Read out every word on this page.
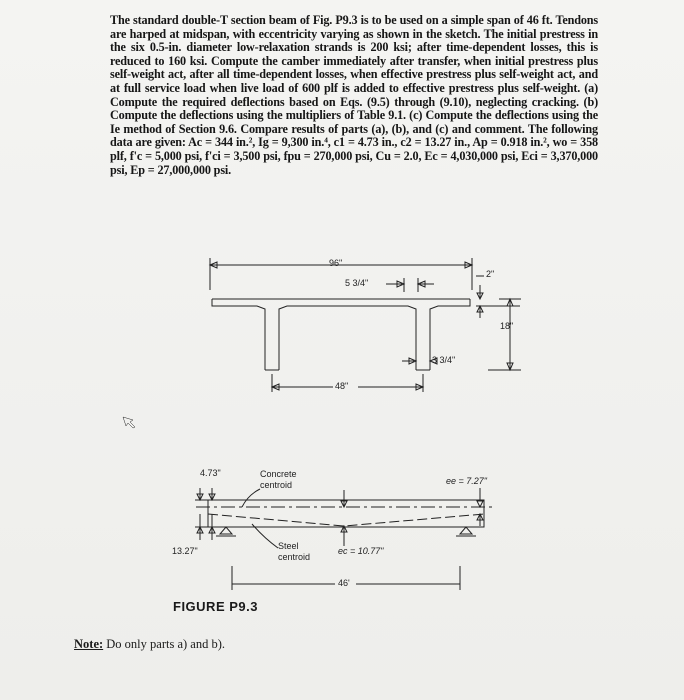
The standard double-T section beam of Fig. P9.3 is to be used on a simple span of 46 ft. Tendons are harped at midspan, with eccentricity varying as shown in the sketch. The initial prestress in the six 0.5-in. diameter low-relaxation strands is 200 ksi; after time-dependent losses, this is reduced to 160 ksi. Compute the camber immediately after transfer, when initial prestress plus self-weight act, after all time-dependent losses, when effective prestress plus self-weight act, and at full service load when live load of 600 plf is added to effective prestress plus self-weight. (a) Compute the required deflections based on Eqs. (9.5) through (9.10), neglecting cracking. (b) Compute the deflections using the multipliers of Table 9.1. (c) Compute the deflections using the Ie method of Section 9.6. Compare results of parts (a), (b), and (c) and comment. The following data are given: Ac = 344 in.², Ig = 9,300 in.⁴, c1 = 4.73 in., c2 = 13.27 in., Ap = 0.918 in.², wo = 358 plf, f'c = 5,000 psi, f'ci = 3,500 psi, fpu = 270,000 psi, Cu = 2.0, Ec = 4,030,000 psi, Eci = 3,370,000 psi, Ep = 27,000,000 psi.

96"
2"
18"
5 3/4"
3 3/4"
48"
4.73"
13.27"
Concrete centroid
Steel centroid
ee = 7.27"
ec = 10.77"
46'
FIGURE P9.3
Note: Do only parts a) and b).
